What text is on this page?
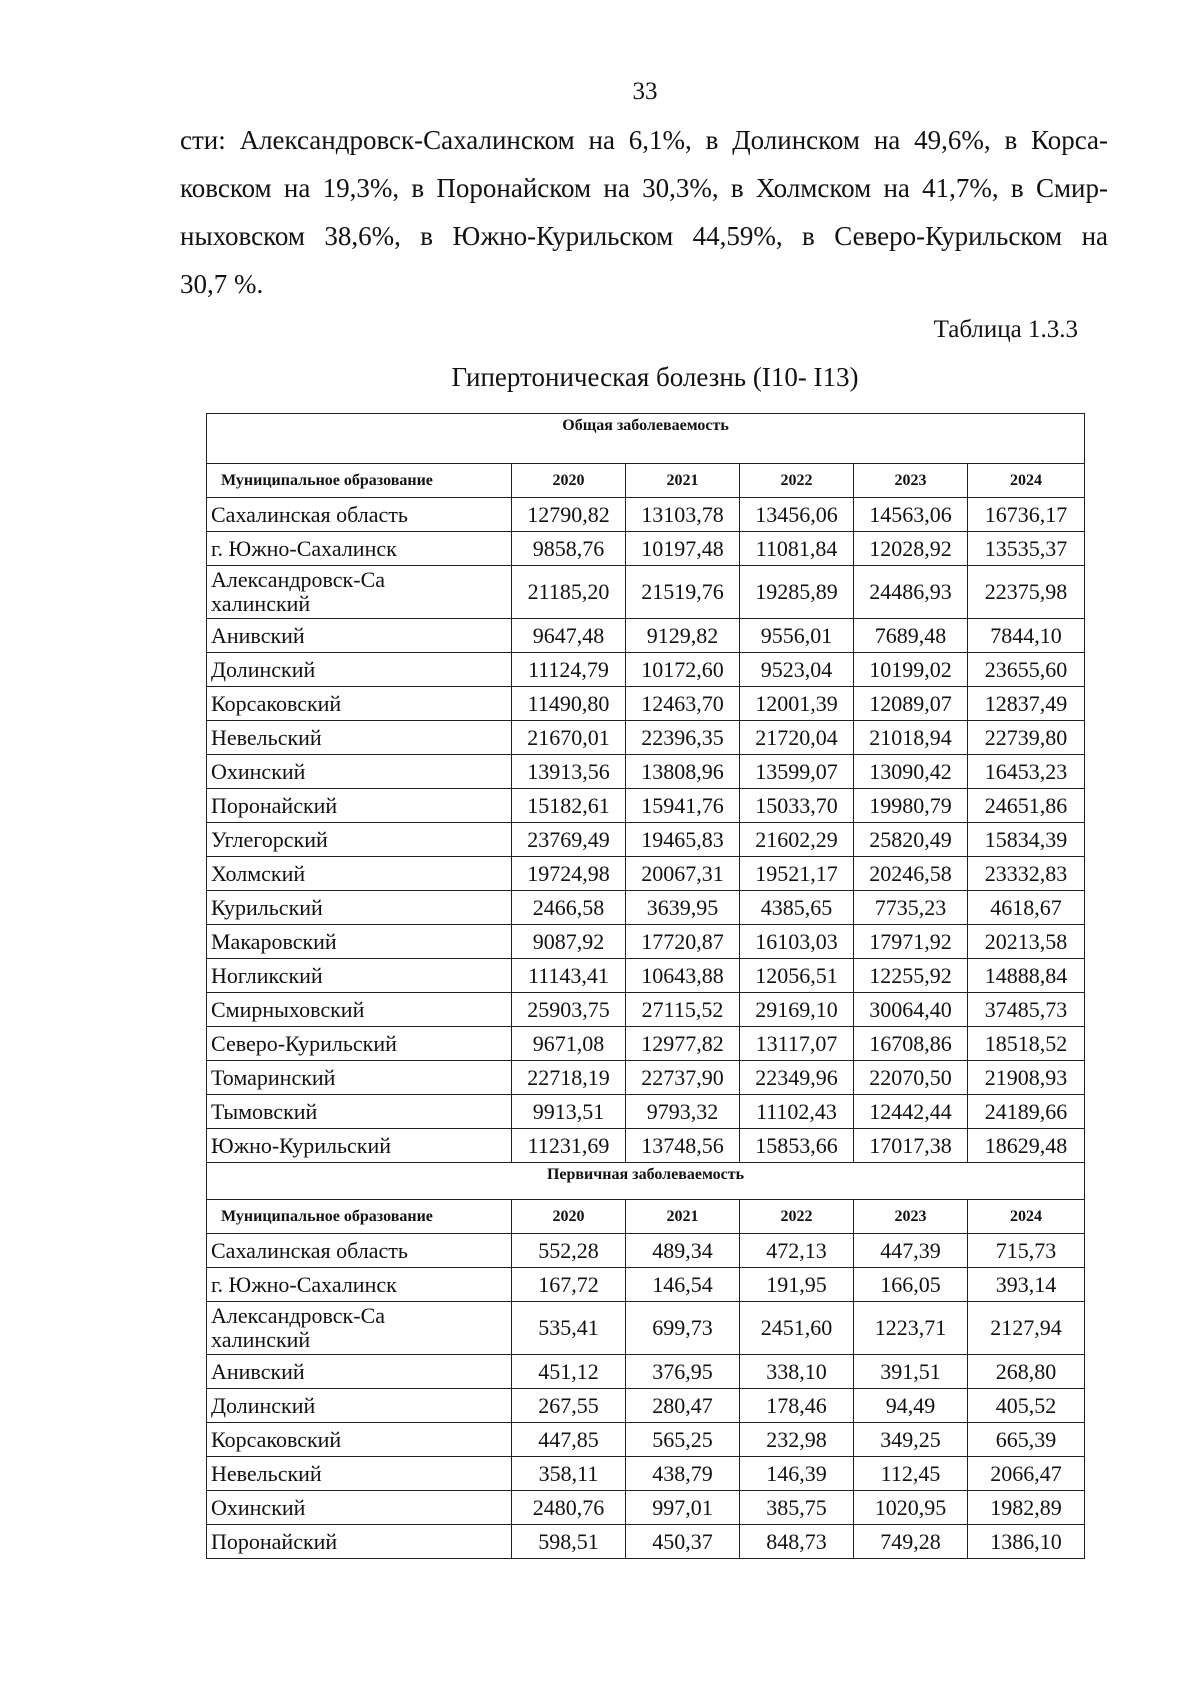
33
сти: Александровск-Сахалинском на 6,1%, в Долинском на 49,6%, в Корса-
ковском на 19,3%, в Поронайском на 30,3%, в Холмском на 41,7%, в Смир-
ныховском 38,6%, в Южно-Курильском 44,59%, в Северо-Курильском на
30,7 %.
Таблица 1.3.3
Гипертоническая болезнь (I10- I13)
Общая заболеваемость					
Муниципальное образование	2020	2021	2022	2023	2024
Сахалинская область	12790,82	13103,78	13456,06	14563,06	16736,17
г. Южно-Сахалинск	9858,76	10197,48	11081,84	12028,92	13535,37
Александровск-Сахалинский	21185,20	21519,76	19285,89	24486,93	22375,98
Анивский	9647,48	9129,82	9556,01	7689,48	7844,10
Долинский	11124,79	10172,60	9523,04	10199,02	23655,60
Корсаковский	11490,80	12463,70	12001,39	12089,07	12837,49
Невельский	21670,01	22396,35	21720,04	21018,94	22739,80
Охинский	13913,56	13808,96	13599,07	13090,42	16453,23
Поронайский	15182,61	15941,76	15033,70	19980,79	24651,86
Углегорский	23769,49	19465,83	21602,29	25820,49	15834,39
Холмский	19724,98	20067,31	19521,17	20246,58	23332,83
Курильский	2466,58	3639,95	4385,65	7735,23	4618,67
Макаровский	9087,92	17720,87	16103,03	17971,92	20213,58
Ногликский	11143,41	10643,88	12056,51	12255,92	14888,84
Смирныховский	25903,75	27115,52	29169,10	30064,40	37485,73
Северо-Курильский	9671,08	12977,82	13117,07	16708,86	18518,52
Томаринский	22718,19	22737,90	22349,96	22070,50	21908,93
Тымовский	9913,51	9793,32	11102,43	12442,44	24189,66
Южно-Курильский	11231,69	13748,56	15853,66	17017,38	18629,48
Первичная заболеваемость					
Муниципальное образование	2020	2021	2022	2023	2024
Сахалинская область	552,28	489,34	472,13	447,39	715,73
г. Южно-Сахалинск	167,72	146,54	191,95	166,05	393,14
Александровск-Сахалинский	535,41	699,73	2451,60	1223,71	2127,94
Анивский	451,12	376,95	338,10	391,51	268,80
Долинский	267,55	280,47	178,46	94,49	405,52
Корсаковский	447,85	565,25	232,98	349,25	665,39
Невельский	358,11	438,79	146,39	112,45	2066,47
Охинский	2480,76	997,01	385,75	1020,95	1982,89
Поронайский	598,51	450,37	848,73	749,28	1386,10
